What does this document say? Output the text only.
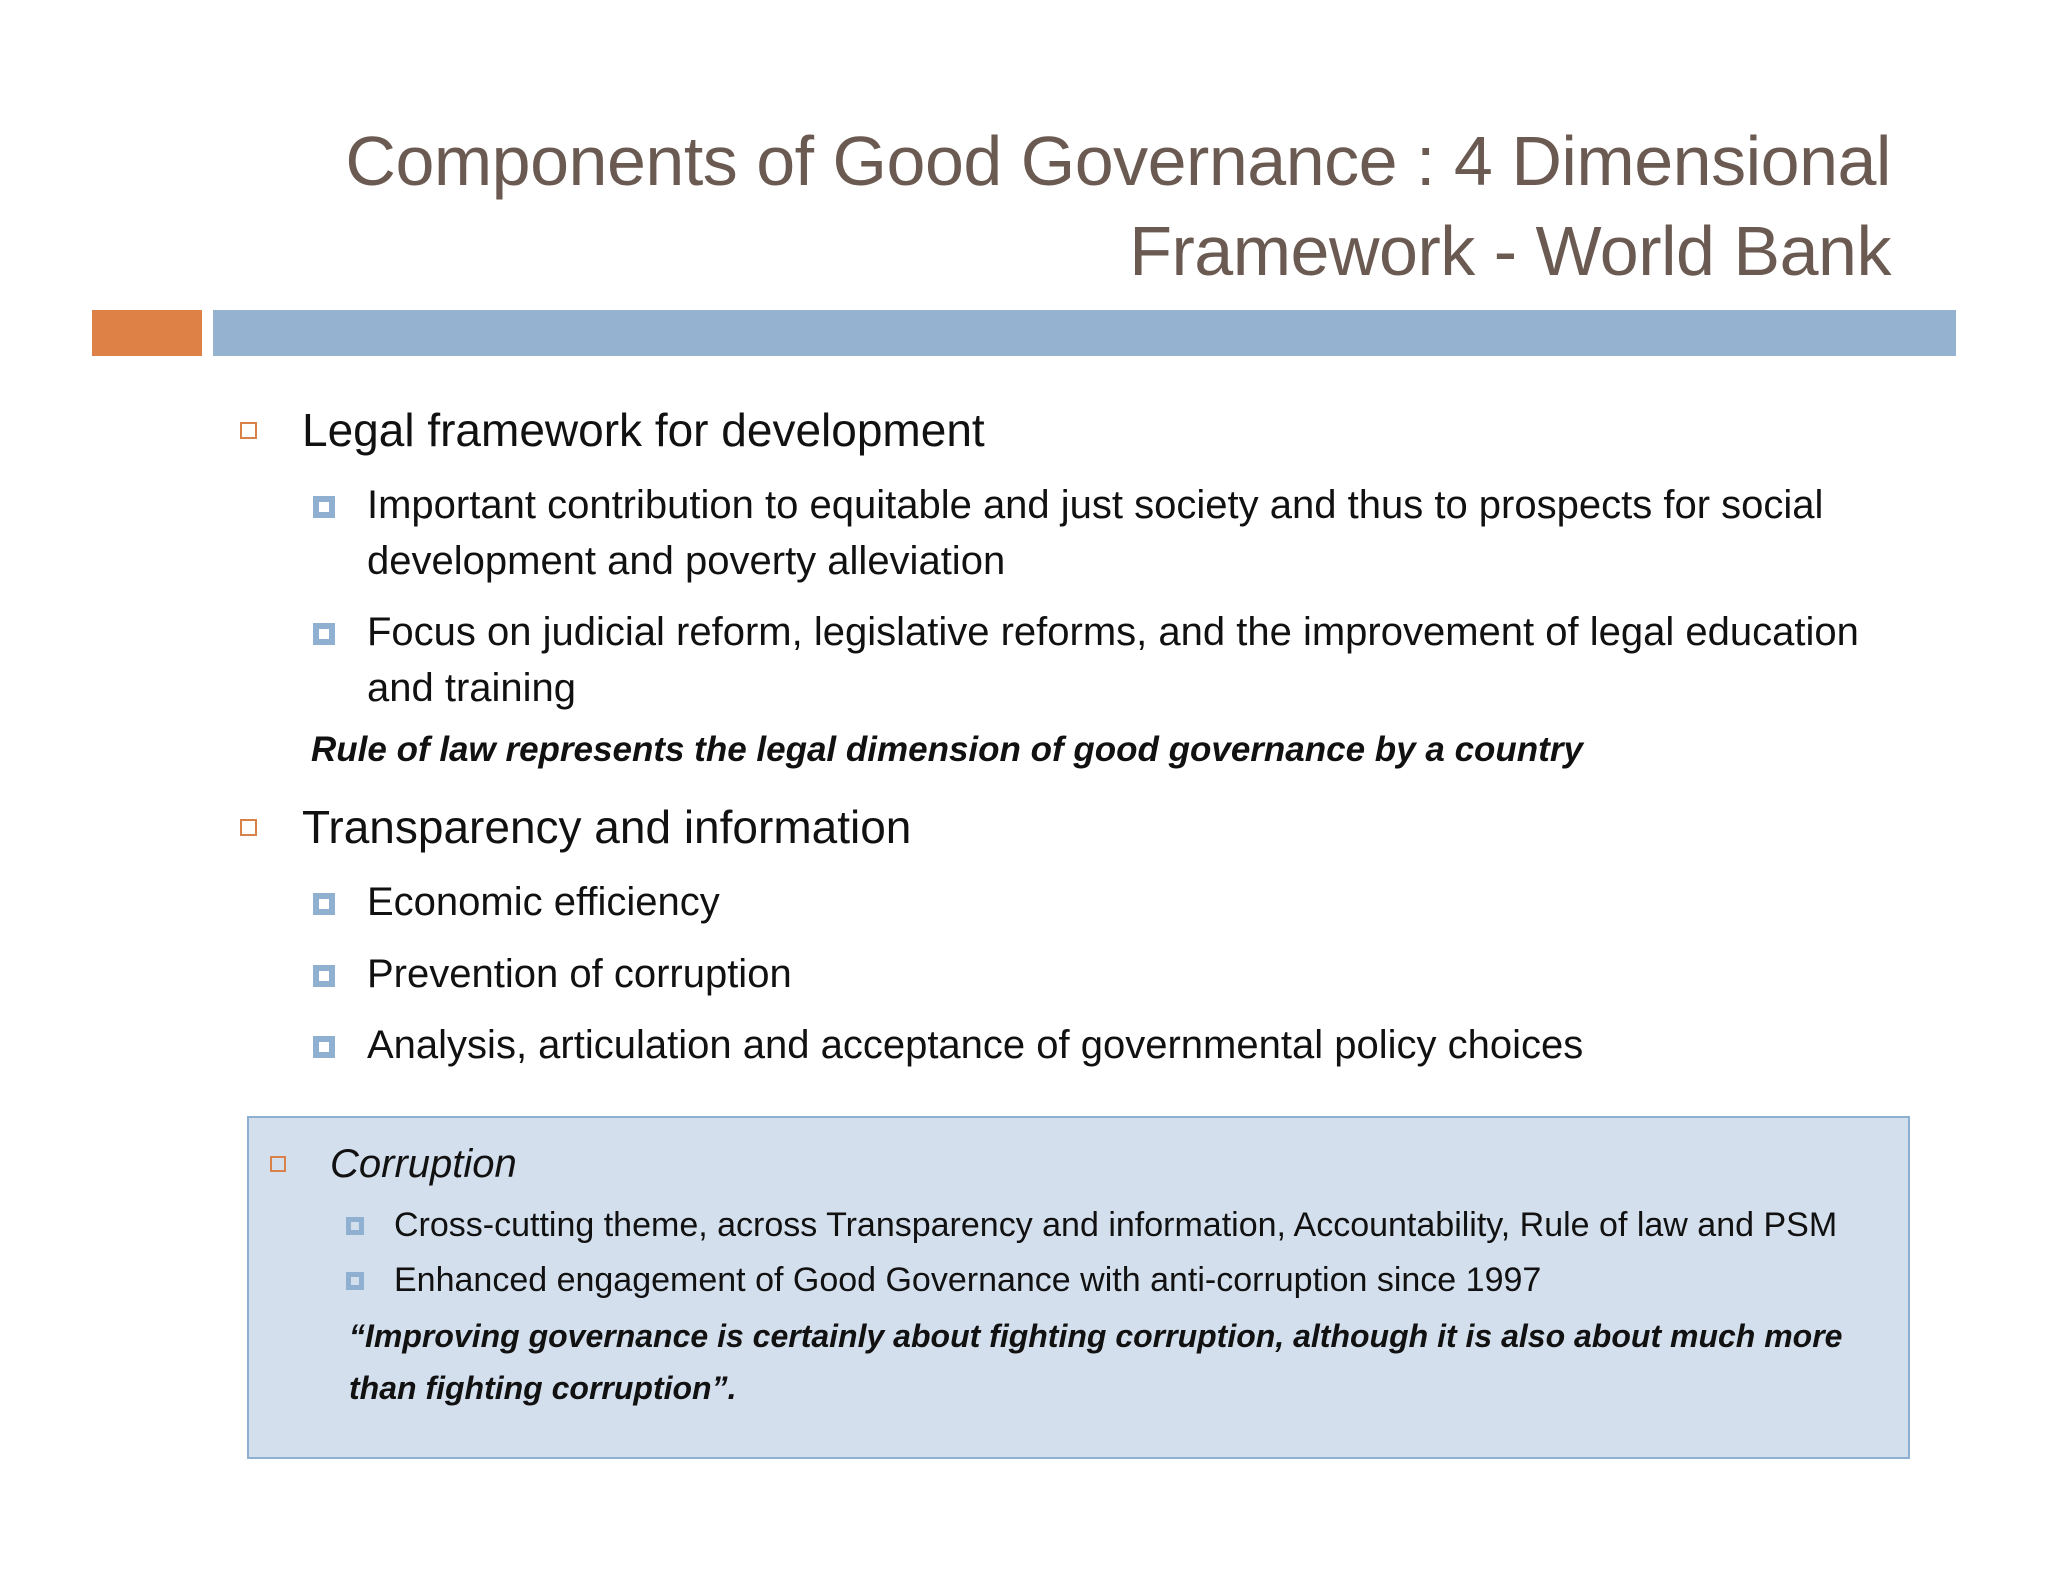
Components of Good Governance : 4 Dimensional
Framework - World Bank
Legal framework for development
Important contribution to equitable and just society and thus to prospects for social development and poverty alleviation
Focus on judicial reform, legislative reforms, and the improvement of legal education and training
Rule of law represents the legal dimension of good governance by a country
Transparency and information
Economic efficiency
Prevention of corruption
Analysis, articulation and acceptance of governmental policy choices
Corruption
Cross-cutting theme, across Transparency and information, Accountability, Rule of law and PSM
Enhanced engagement of Good Governance with anti-corruption since 1997
“Improving governance is certainly about fighting corruption, although it is also about much more than fighting corruption”.
